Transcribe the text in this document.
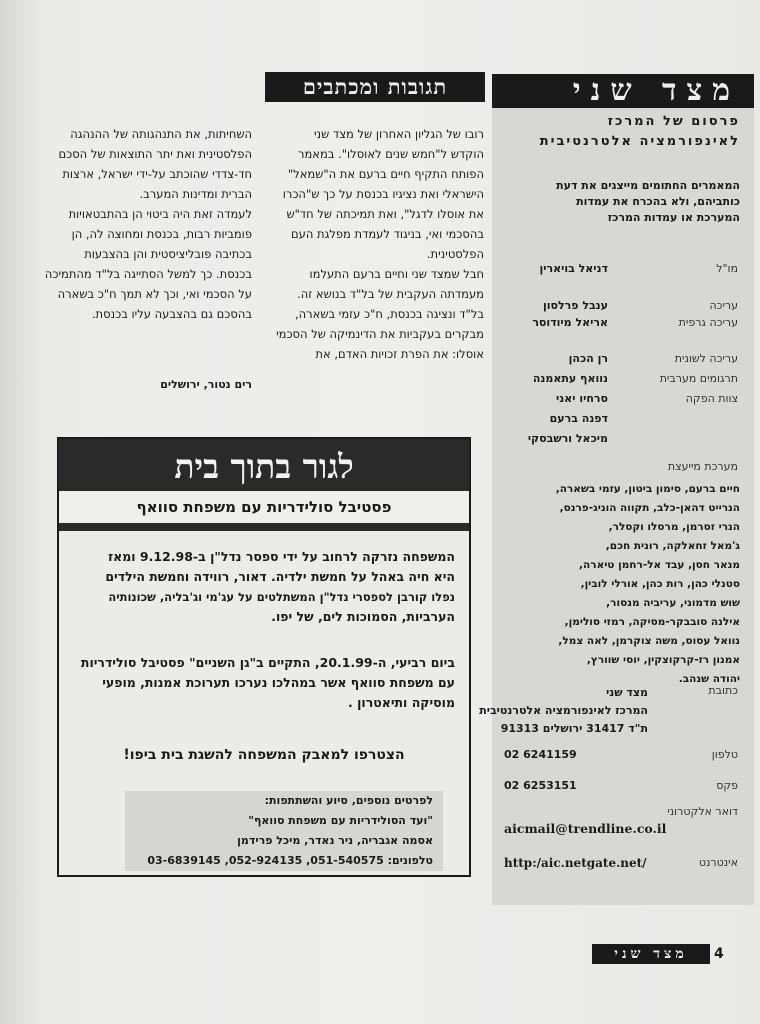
מצד שני
פרסום של המרכז
לאינפורמציה אלטרנטיבית
המאמרים החתומים מייצגים את דעת
כותביהם, ולא בהכרח את עמדות
המערכת או עמדות המרכז
מו"ל
דניאל בויארין
עריכה
ענבל פרלסון
עריכה גרפית
אריאל מיודוסר
עריכה לשונית
רן הכהן
תרגומים מערבית
נוואף עתאמנה
צוות הפקה
סרחיו יאני
דפנה ברעם
מיכאל ורשבסקי
מערכת מייעצת
חיים ברעם, סימון ביטון, עזמי בשארה,
הנרייט דהאן-כלב, תקווה הוניג-פרנס,
הנרי זסרמן, מרסלו וקסלר,
ג'מאל זחאלקה, רונית חכם,
מנאר חסן, עבד אל-רחמן טיארה,
סטנלי כהן, רות כהן, אורלי לובין,
שוש מדמוני, עריביה מנסור,
אילנה סובבקר-מסיקה, רמזי סולימן,
נוואל עסוס, משה צוקרמן, לאה צמל,
אמנון רז-קרקוצקין, יוסי שוורץ,
יהודה שנהב.
כתובת
מצד שני
המרכז לאינפורמציה אלטרנטיבית
ת"ד 31417 ירושלים 91313
טלפון
02 6241159
פקס
02 6253151
דואר אלקטרוני
aicmail@trendline.co.il
אינטרנט
http:/aic.netgate.net/
תגובות ומכתבים
רובו של הגליון האחרון של מצד שני
הוקדש ל"חמש שנים לאוסלו". במאמר
הפותח התקיף חיים ברעם את ה"שמאל"
הישראלי ואת נציגיו בכנסת על כך ש"הכרו
את אוסלו לדגל", ואת תמיכתה של חד"ש
בהסכמי ואי, בניגוד לעמדת מפלגת העם
הפלסטינית.
חבל שמצד שני וחיים ברעם התעלמו
מעמדתה העקבית של בל"ד בנושא זה.
בל"ד ונציגה בכנסת, ח"כ עזמי בשארה,
מבקרים בעקביות את הדינמיקה של הסכמי
אוסלו: את הפרת זכויות האדם, את
השחיתות, את התנהגותה של ההנהגה
הפלסטינית ואת יתר התוצאות של הסכם
חד-צדדי שהוכתב על-ידי ישראל, ארצות
הברית ומדינות המערב.
לעמדה זאת היה ביטוי הן בהתבטאויות
פומביות רבות, בכנסת ומחוצה לה, הן
בכתיבה פובליציסטית והן בהצבעות
בכנסת. כך למשל הסתייגה בל"ד מהתמיכה
על הסכמי ואי, וכך לא תמך ח"כ בשארה
בהסכם גם בהצבעה עליו בכנסת.
רים נטור, ירושלים
לגור בתוך בית
פסטיבל סולידריות עם משפחת סוואף
המשפחה נזרקה לרחוב על ידי ספסר נדל"ן ב-9.12.98 ומאז
היא חיה באהל על חמשת ילדיה. דאור, רווידה וחמשת הילדים
נפלו קורבן לספסרי נדל"ן המשתלטים על עג'מי וג'בליה, שכונותיה
הערביות, הסמוכות לים, של יפו.
ביום רביעי, ה-20.1.99, התקיים ב"גן השניים" פסטיבל סולידריות
עם משפחת סוואף אשר במהלכו נערכו תערוכת אמנות, מופעי
מוסיקה ותיאטרון .
הצטרפו למאבק המשפחה להשגת בית ביפו!
לפרטים נוספים, סיוע והשתתפות:
"ועד הסולידריות עם משפחת סוואף"
אסמה אגבריה, ניר נאדר, מיכל פרידמן
טלפונים: 051-540575, 052-924135, 03-6839145
מצד שני	4
